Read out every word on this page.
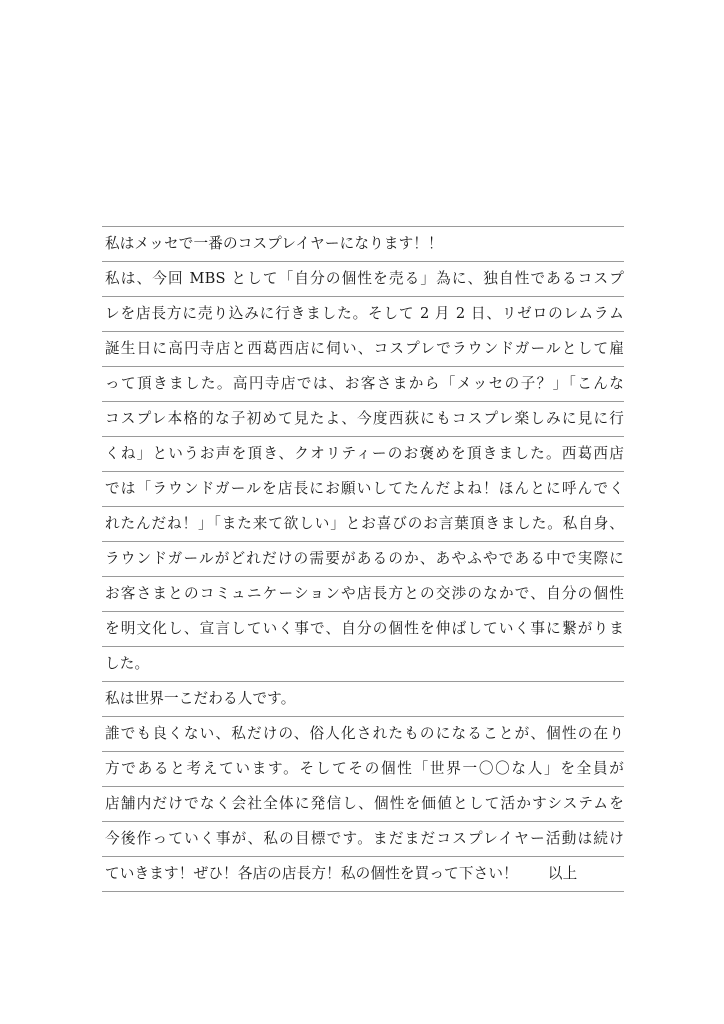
私はメッセで一番のコスプレイヤーになります！！
私は、今回 MBS として「自分の個性を売る」為に、独自性であるコスプ
レを店長方に売り込みに行きました。そして 2 月 2 日、リゼロのレムラム
誕生日に高円寺店と西葛西店に伺い、コスプレでラウンドガールとして雇
って頂きました。高円寺店では、お客さまから「メッセの子？」「こんな
コスプレ本格的な子初めて見たよ、今度西荻にもコスプレ楽しみに見に行
くね」というお声を頂き、クオリティーのお褒めを頂きました。西葛西店
では「ラウンドガールを店長にお願いしてたんだよね！ほんとに呼んでく
れたんだね！」「また来て欲しい」とお喜びのお言葉頂きました。私自身、
ラウンドガールがどれだけの需要があるのか、あやふやである中で実際に
お客さまとのコミュニケーションや店長方との交渉のなかで、自分の個性
を明文化し、宣言していく事で、自分の個性を伸ばしていく事に繋がりま
した。
私は世界一こだわる人です。
誰でも良くない、私だけの、俗人化されたものになることが、個性の在り
方であると考えています。そしてその個性「世界一〇〇な人」を全員が
店舗内だけでなく会社全体に発信し、個性を価値として活かすシステムを
今後作っていく事が、私の目標です。まだまだコスプレイヤー活動は続け
ていきます！ぜひ！各店の店長方！私の個性を買って下さい！ 以上
